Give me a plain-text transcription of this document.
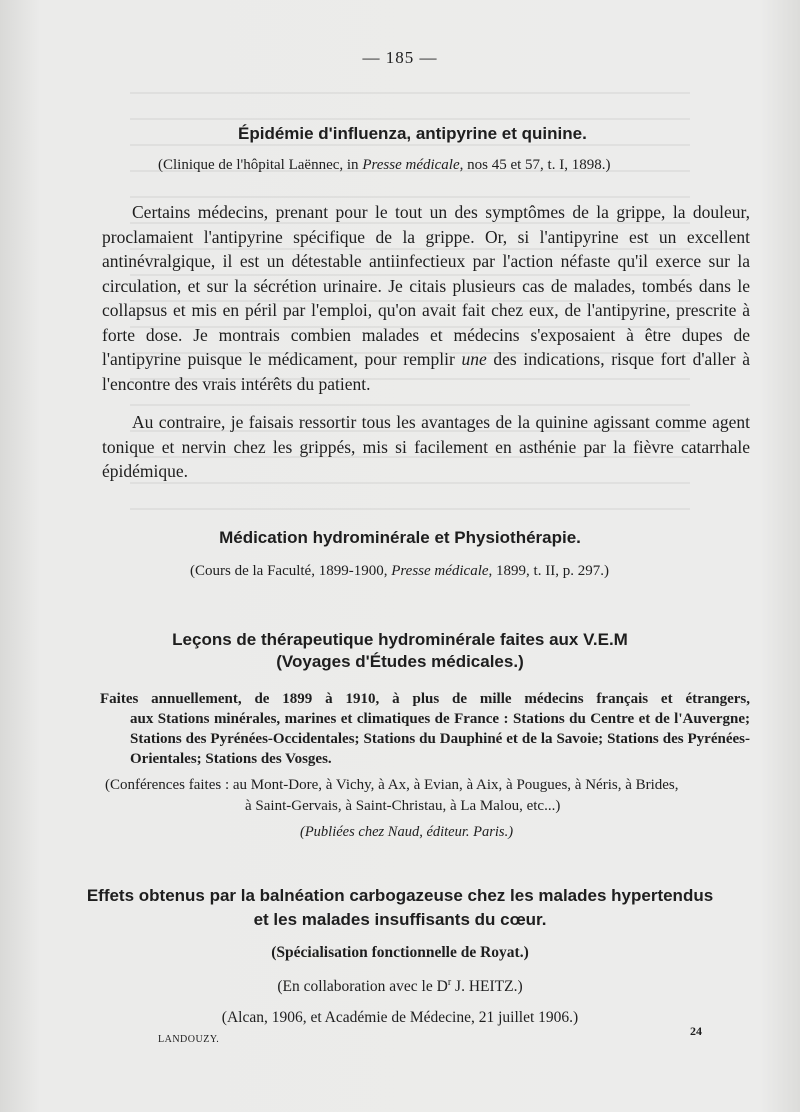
— 185 —
Épidémie d'influenza, antipyrine et quinine.
(Clinique de l'hôpital Laënnec, in Presse médicale, nos 45 et 57, t. I, 1898.)
Certains médecins, prenant pour le tout un des symptômes de la grippe, la douleur, proclamaient l'antipyrine spécifique de la grippe. Or, si l'antipyrine est un excellent antinévralgique, il est un détestable antiinfectieux par l'action néfaste qu'il exerce sur la circulation, et sur la sécrétion urinaire. Je citais plusieurs cas de malades, tombés dans le collapsus et mis en péril par l'emploi, qu'on avait fait chez eux, de l'antipyrine, prescrite à forte dose. Je montrais combien malades et médecins s'exposaient à être dupes de l'antipyrine puisque le médicament, pour remplir une des indications, risque fort d'aller à l'encontre des vrais intérêts du patient.
Au contraire, je faisais ressortir tous les avantages de la quinine agissant comme agent tonique et nervin chez les grippés, mis si facilement en asthénie par la fièvre catarrhale épidémique.
Médication hydrominérale et Physiothérapie.
(Cours de la Faculté, 1899-1900, Presse médicale, 1899, t. II, p. 297.)
Leçons de thérapeutique hydrominérale faites aux V.E.M
(Voyages d'Études médicales.)
Faites annuellement, de 1899 à 1910, à plus de mille médecins français et étrangers,
aux Stations minérales, marines et climatiques de France : Stations du Centre et de l'Auvergne; Stations des Pyrénées-Occidentales; Stations du Dauphiné et de la Savoie; Stations des Pyrénées-Orientales; Stations des Vosges.
(Conférences faites : au Mont-Dore, à Vichy, à Ax, à Evian, à Aix, à Pougues, à Néris, à Brides,
à Saint-Gervais, à Saint-Christau, à La Malou, etc...)
(Publiées chez Naud, éditeur. Paris.)
Effets obtenus par la balnéation carbogazeuse chez les malades hypertendus
et les malades insuffisants du cœur.
(Spécialisation fonctionnelle de Royat.)
(En collaboration avec le $D^r$ J. HEITZ.)
(Alcan, 1906, et Académie de Médecine, 21 juillet 1906.)
LANDOUZY.
24
